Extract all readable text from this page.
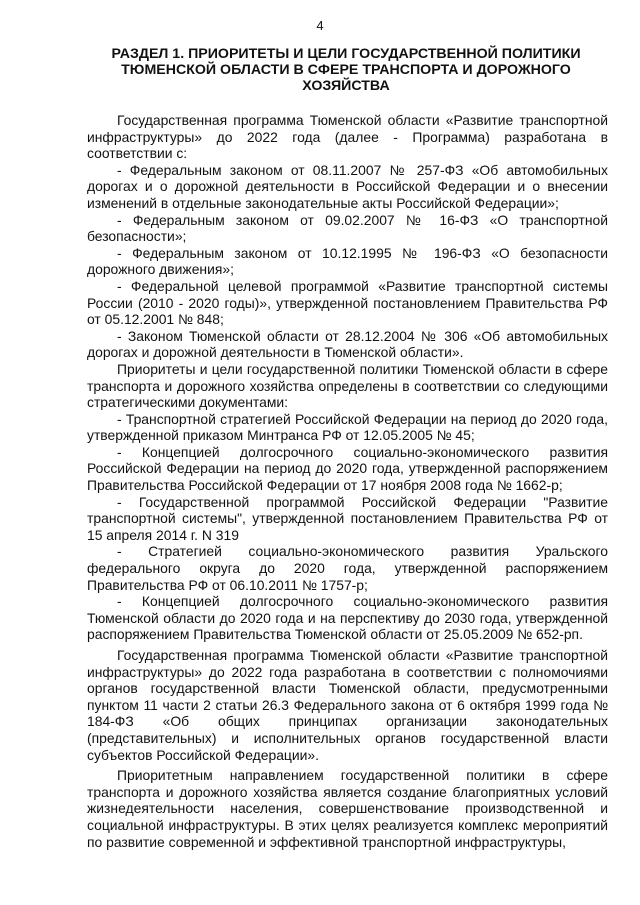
4
РАЗДЕЛ 1. ПРИОРИТЕТЫ И ЦЕЛИ ГОСУДАРСТВЕННОЙ ПОЛИТИКИ ТЮМЕНСКОЙ ОБЛАСТИ В СФЕРЕ ТРАНСПОРТА И ДОРОЖНОГО ХОЗЯЙСТВА

Государственная программа Тюменской области «Развитие транспортной инфраструктуры» до 2022 года (далее - Программа) разработана в соответствии с:

- Федеральным законом от 08.11.2007 № 257-ФЗ «Об автомобильных дорогах и о дорожной деятельности в Российской Федерации и о внесении изменений в отдельные законодательные акты Российской Федерации»;

- Федеральным законом от 09.02.2007 № 16-ФЗ «О транспортной безопасности»;

- Федеральным законом от 10.12.1995 № 196-ФЗ «О безопасности дорожного движения»;

- Федеральной целевой программой «Развитие транспортной системы России (2010 - 2020 годы)», утвержденной постановлением Правительства РФ от 05.12.2001 № 848;

- Законом Тюменской области от 28.12.2004 № 306 «Об автомобильных дорогах и дорожной деятельности в Тюменской области».

Приоритеты и цели государственной политики Тюменской области в сфере транспорта и дорожного хозяйства определены в соответствии со следующими стратегическими документами:

- Транспортной стратегией Российской Федерации на период до 2020 года, утвержденной приказом Минтранса РФ от 12.05.2005 № 45;

- Концепцией долгосрочного социально-экономического развития Российской Федерации на период до 2020 года, утвержденной распоряжением Правительства Российской Федерации от 17 ноября 2008 года № 1662-р;

- Государственной программой Российской Федерации "Развитие транспортной системы", утвержденной постановлением Правительства РФ от 15 апреля 2014 г. N 319

- Стратегией социально-экономического развития Уральского федерального округа до 2020 года, утвержденной распоряжением Правительства РФ от 06.10.2011 № 1757-р;

- Концепцией долгосрочного социально-экономического развития Тюменской области до 2020 года и на перспективу до 2030 года, утвержденной распоряжением Правительства Тюменской области от 25.05.2009 № 652-рп.

Государственная программа Тюменской области «Развитие транспортной инфраструктуры» до 2022 года разработана в соответствии с полномочиями органов государственной власти Тюменской области, предусмотренными пунктом 11 части 2 статьи 26.3 Федерального закона от 6 октября 1999 года № 184-ФЗ «Об общих принципах организации законодательных (представительных) и исполнительных органов государственной власти субъектов Российской Федерации».

Приоритетным направлением государственной политики в сфере транспорта и дорожного хозяйства является создание благоприятных условий жизнедеятельности населения, совершенствование производственной и социальной инфраструктуры. В этих целях реализуется комплекс мероприятий по развитие современной и эффективной транспортной инфраструктуры,
